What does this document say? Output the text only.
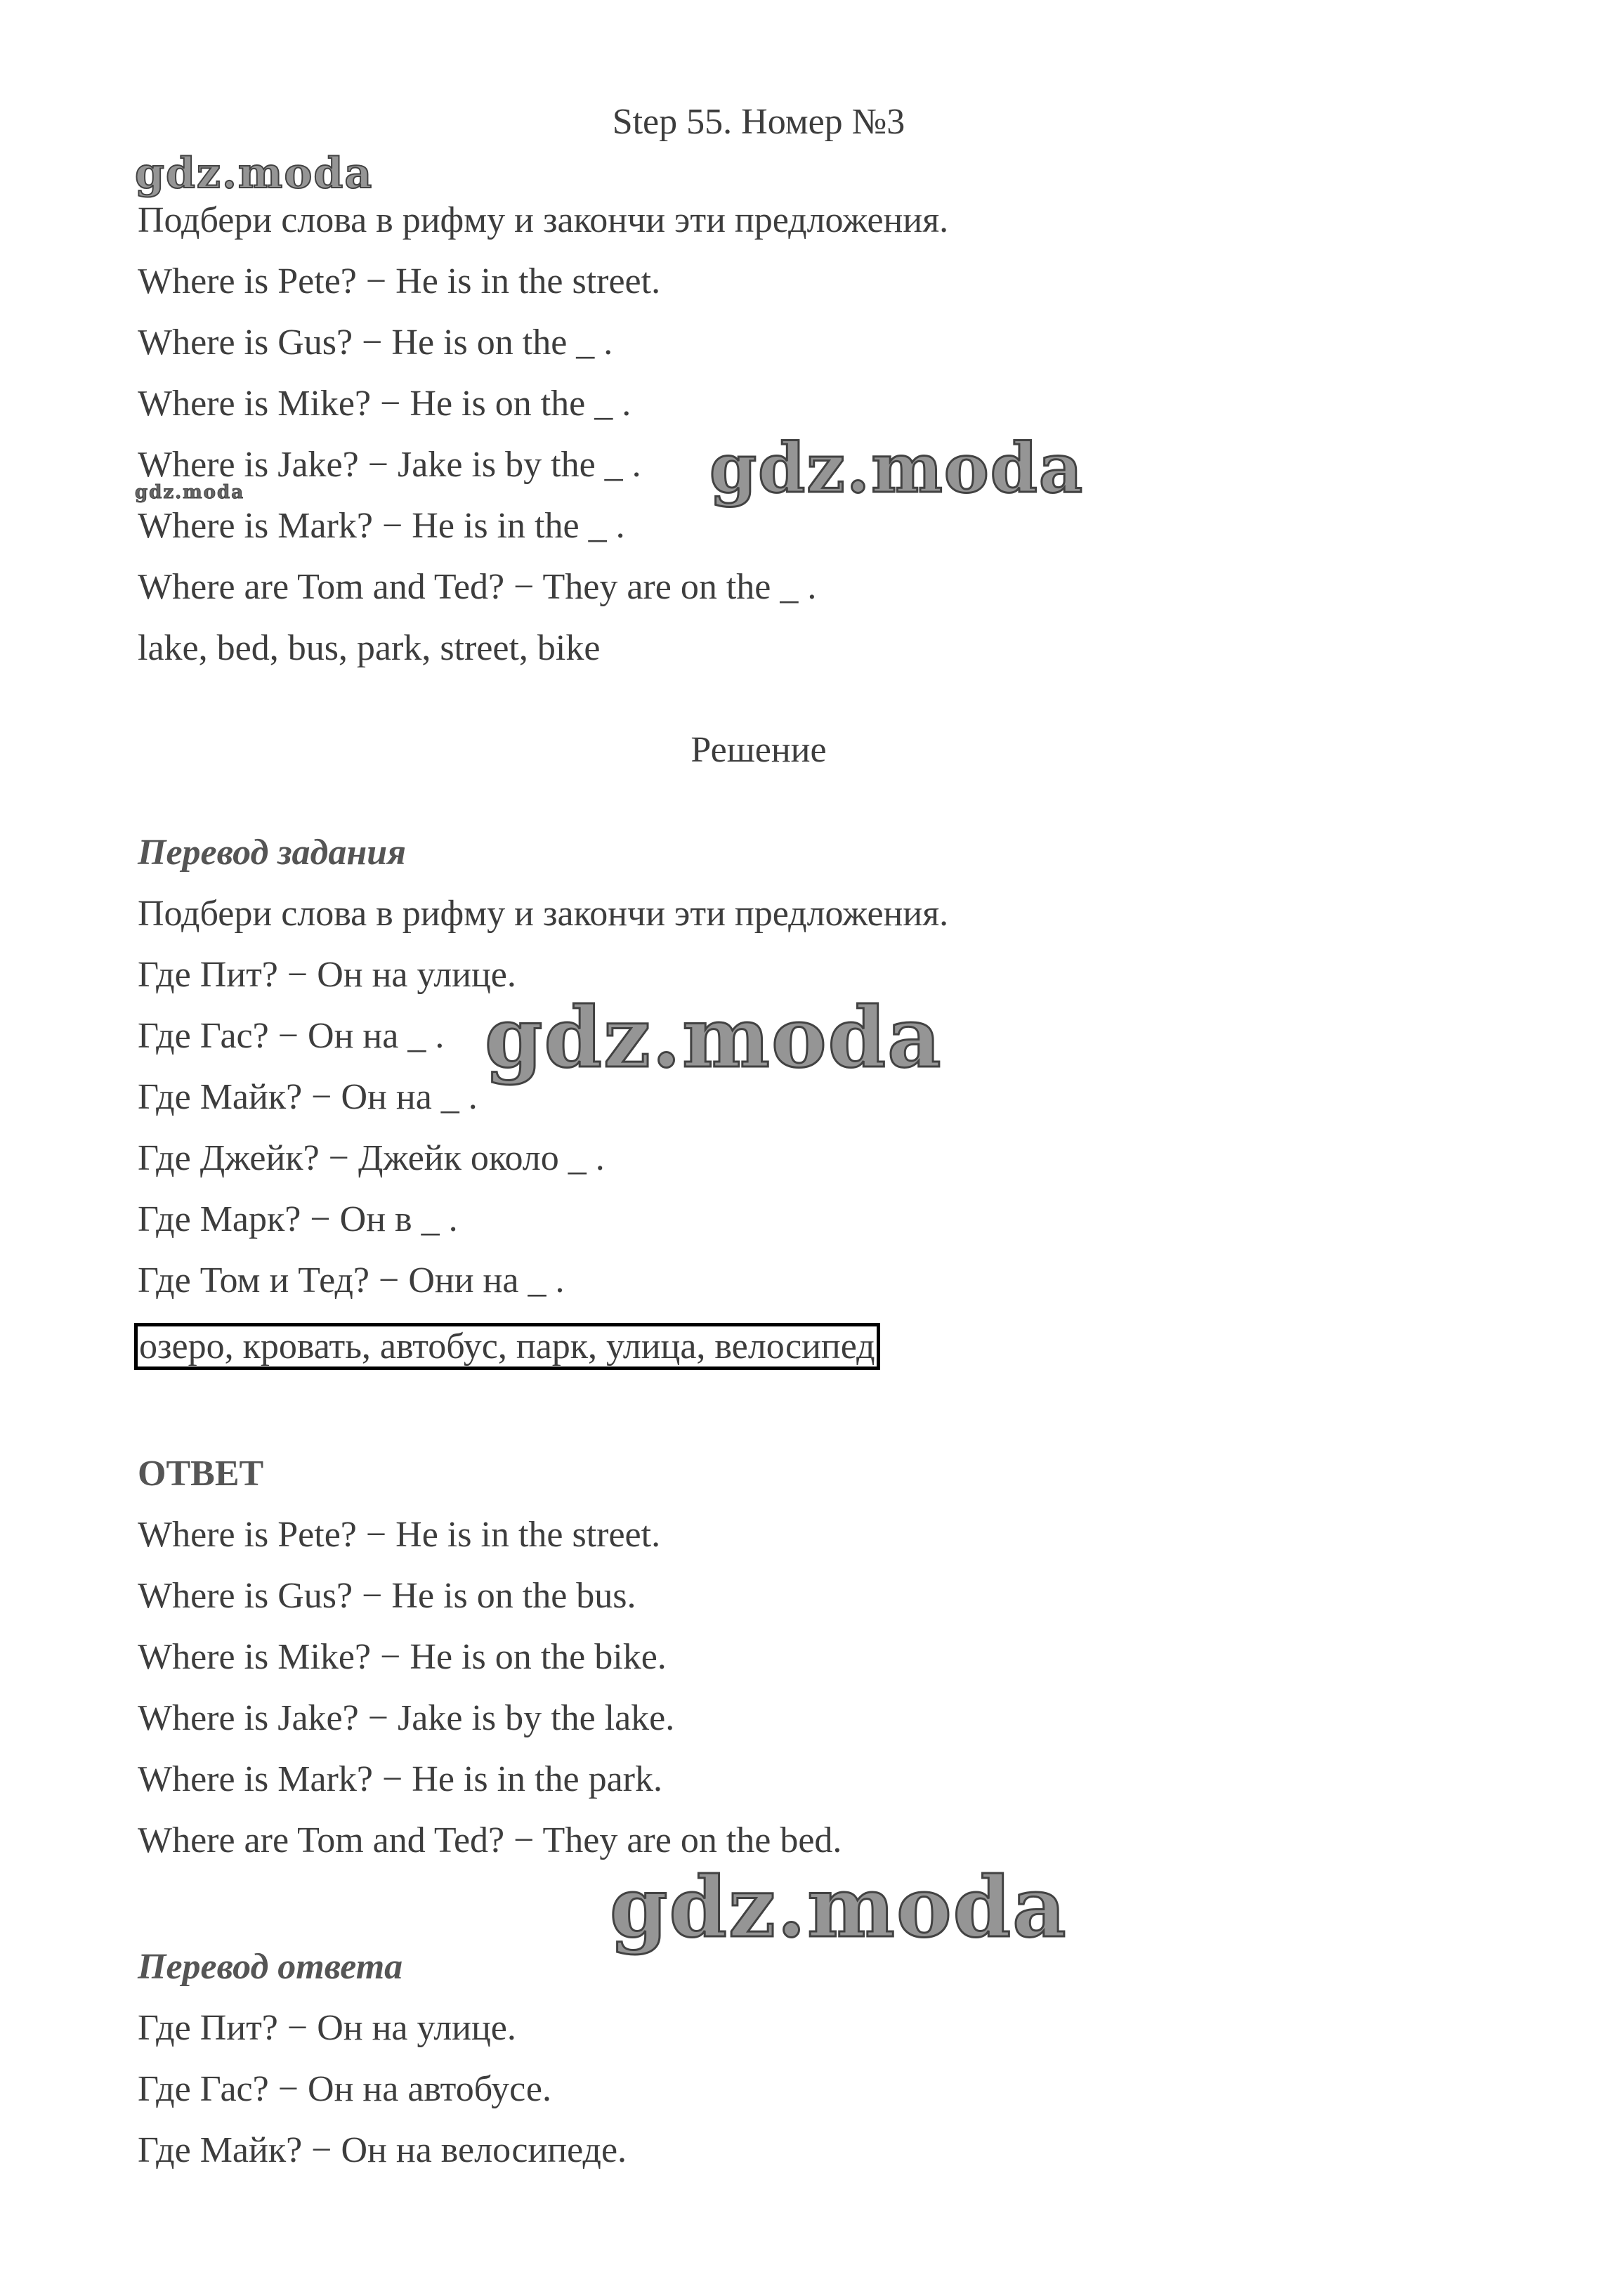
Step 55. Номер №3
gdz.moda
Подбери слова в рифму и закончи эти предложения.
Where is Pete? − He is in the street.
Where is Gus? − He is on the _ .
Where is Mike? − He is on the _ .
Where is Jake? − Jake is by the _ .
Where is Mark? − He is in the _ .
Where are Tom and Ted? − They are on the _ .
lake, bed, bus, park, street, bike
gdz.moda
gdz.moda
Решение
Перевод задания
Подбери слова в рифму и закончи эти предложения.
Где Пит? − Он на улице.
Где Гас? − Он на _ .
Где Майк? − Он на _ .
Где Джейк? − Джейк около _ .
Где Марк? − Он в _ .
Где Том и Тед? − Они на _ .
озеро, кровать, автобус, парк, улица, велосипед
gdz.moda
ОТВЕТ
Where is Pete? − He is in the street.
Where is Gus? − He is on the bus.
Where is Mike? − He is on the bike.
Where is Jake? − Jake is by the lake.
Where is Mark? − He is in the park.
Where are Tom and Ted? − They are on the bed.
gdz.moda
Перевод ответа
Где Пит? − Он на улице.
Где Гас? − Он на автобусе.
Где Майк? − Он на велосипеде.
